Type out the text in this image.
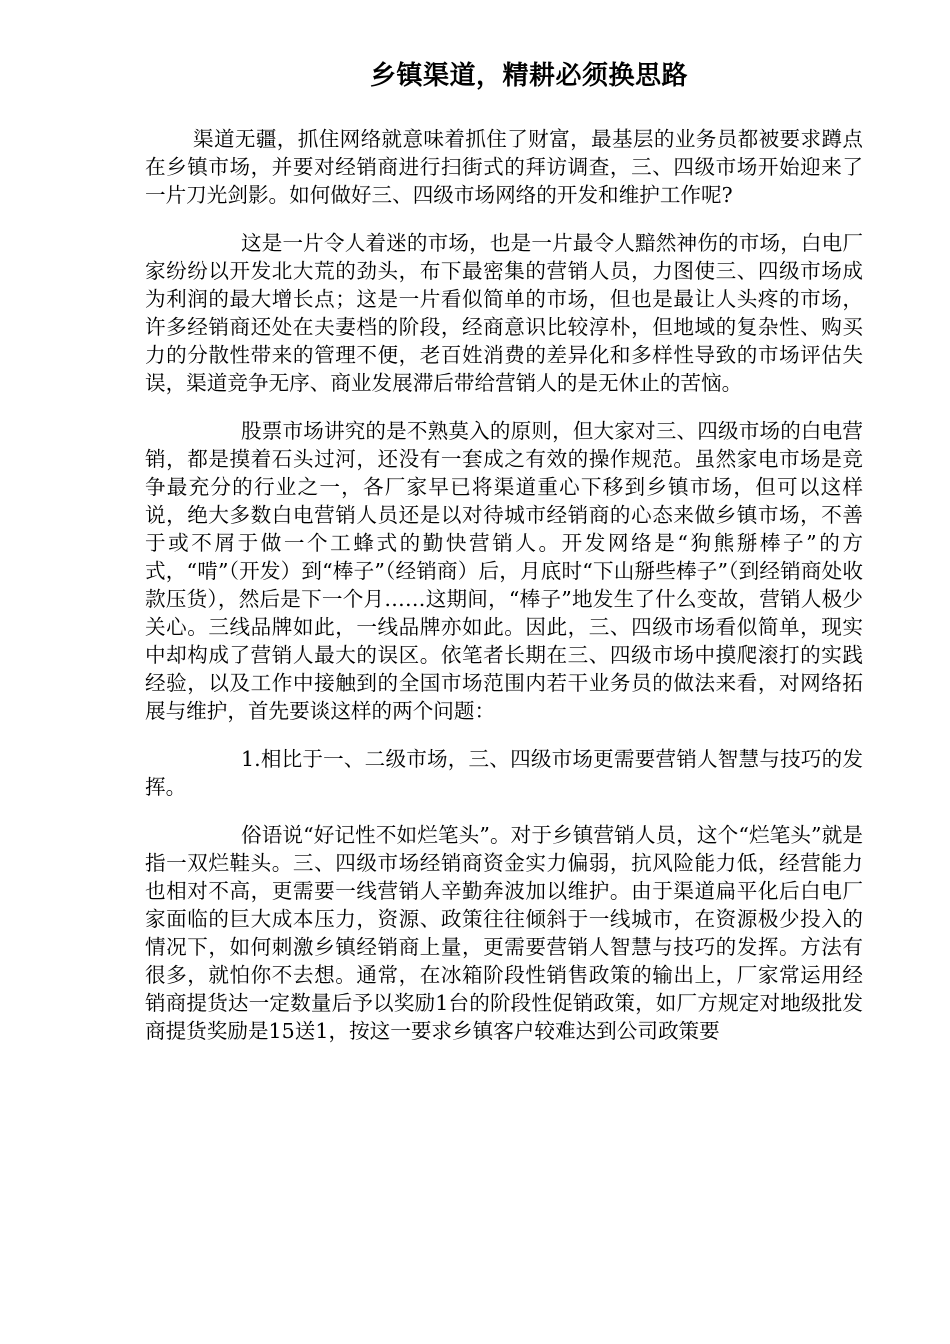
乡镇渠道，精耕必须换思路

渠道无疆，抓住网络就意味着抓住了财富，最基层的业务员都被要求蹲点在乡镇市场，并要对经销商进行扫街式的拜访调查，三、四级市场开始迎来了一片刀光剑影。如何做好三、四级市场网络的开发和维护工作呢?

这是一片令人着迷的市场，也是一片最令人黯然神伤的市场，白电厂家纷纷以开发北大荒的劲头，布下最密集的营销人员，力图使三、四级市场成为利润的最大增长点；这是一片看似简单的市场，但也是最让人头疼的市场，许多经销商还处在夫妻档的阶段，经商意识比较淳朴，但地域的复杂性、购买力的分散性带来的管理不便，老百姓消费的差异化和多样性导致的市场评估失误，渠道竞争无序、商业发展滞后带给营销人的是无休止的苦恼。

股票市场讲究的是不熟莫入的原则，但大家对三、四级市场的白电营销，都是摸着石头过河，还没有一套成之有效的操作规范。虽然家电市场是竞争最充分的行业之一，各厂家早已将渠道重心下移到乡镇市场，但可以这样说，绝大多数白电营销人员还是以对待城市经销商的心态来做乡镇市场，不善于或不屑于做一个工蜂式的勤快营销人。开发网络是“狗熊掰棒子”的方式，“啃”（开发）到“棒子”（经销商）后，月底时“下山掰些棒子”（到经销商处收款压货），然后是下一个月……这期间，“棒子”地发生了什么变故，营销人极少关心。三线品牌如此，一线品牌亦如此。因此，三、四级市场看似简单，现实中却构成了营销人最大的误区。依笔者长期在三、四级市场中摸爬滚打的实践经验，以及工作中接触到的全国市场范围内若干业务员的做法来看，对网络拓展与维护，首先要谈这样的两个问题：

1.相比于一、二级市场，三、四级市场更需要营销人智慧与技巧的发挥。

俗语说“好记性不如烂笔头”。对于乡镇营销人员，这个“烂笔头”就是指一双烂鞋头。三、四级市场经销商资金实力偏弱，抗风险能力低，经营能力也相对不高，更需要一线营销人辛勤奔波加以维护。由于渠道扁平化后白电厂家面临的巨大成本压力，资源、政策往往倾斜于一线城市，在资源极少投入的情况下，如何刺激乡镇经销商上量，更需要营销人智慧与技巧的发挥。方法有很多，就怕你不去想。通常，在冰箱阶段性销售政策的输出上，厂家常运用经销商提货达一定数量后予以奖励1台的阶段性促销政策，如厂方规定对地级批发商提货奖励是15送1，按这一要求乡镇客户较难达到公司政策要
